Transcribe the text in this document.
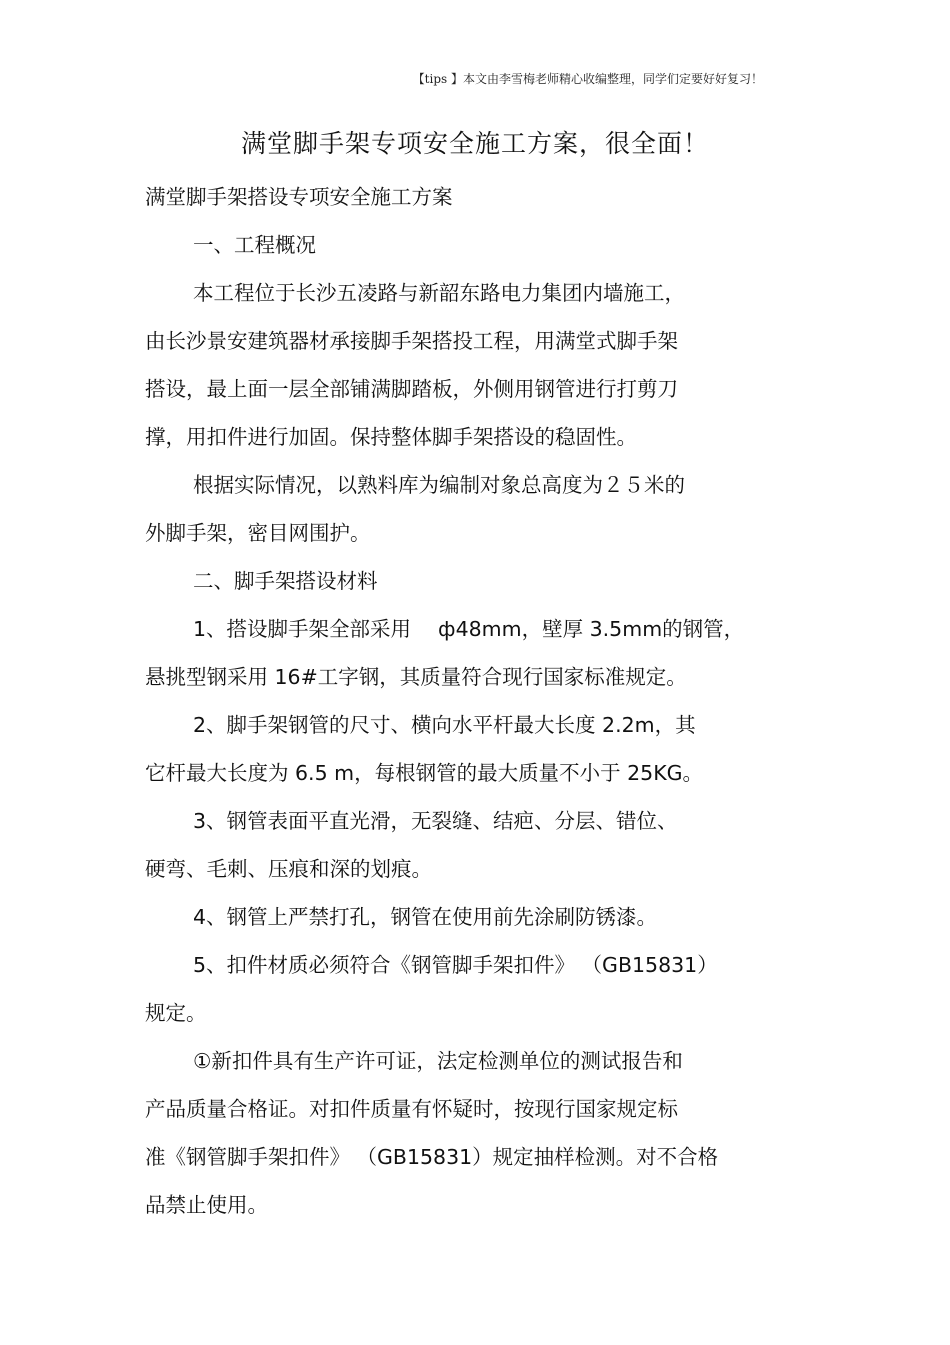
【tips 】本文由李雪梅老师精心收编整理，同学们定要好好复习！
满堂脚手架专项安全施工方案，很全面！
满堂脚手架搭设专项安全施工方案
一、工程概况
本工程位于长沙五凌路与新韶东路电力集团内墙施工，
由长沙景安建筑器材承接脚手架搭投工程，用满堂式脚手架
搭设，最上面一层全部铺满脚踏板，外侧用钢管进行打剪刀
撑，用扣件进行加固。保持整体脚手架搭设的稳固性。
根据实际情况，以熟料库为编制对象总高度为２５米的
外脚手架，密目网围护。
二、脚手架搭设材料
1、搭设脚手架全部采用　 ф48mm，壁厚 3.5mm的钢管，
悬挑型钢采用 16#工字钢，其质量符合现行国家标准规定。
2、脚手架钢管的尺寸、横向水平杆最大长度 2.2m，其
它杆最大长度为 6.5 m，每根钢管的最大质量不小于 25KG。
3、钢管表面平直光滑，无裂缝、结疤、分层、错位、
硬弯、毛刺、压痕和深的划痕。
4、钢管上严禁打孔，钢管在使用前先涂刷防锈漆。
5、扣件材质必须符合《钢管脚手架扣件》 （GB15831）
规定。
①新扣件具有生产许可证，法定检测单位的测试报告和
产品质量合格证。对扣件质量有怀疑时，按现行国家规定标
准《钢管脚手架扣件》 （GB15831）规定抽样检测。对不合格
品禁止使用。
